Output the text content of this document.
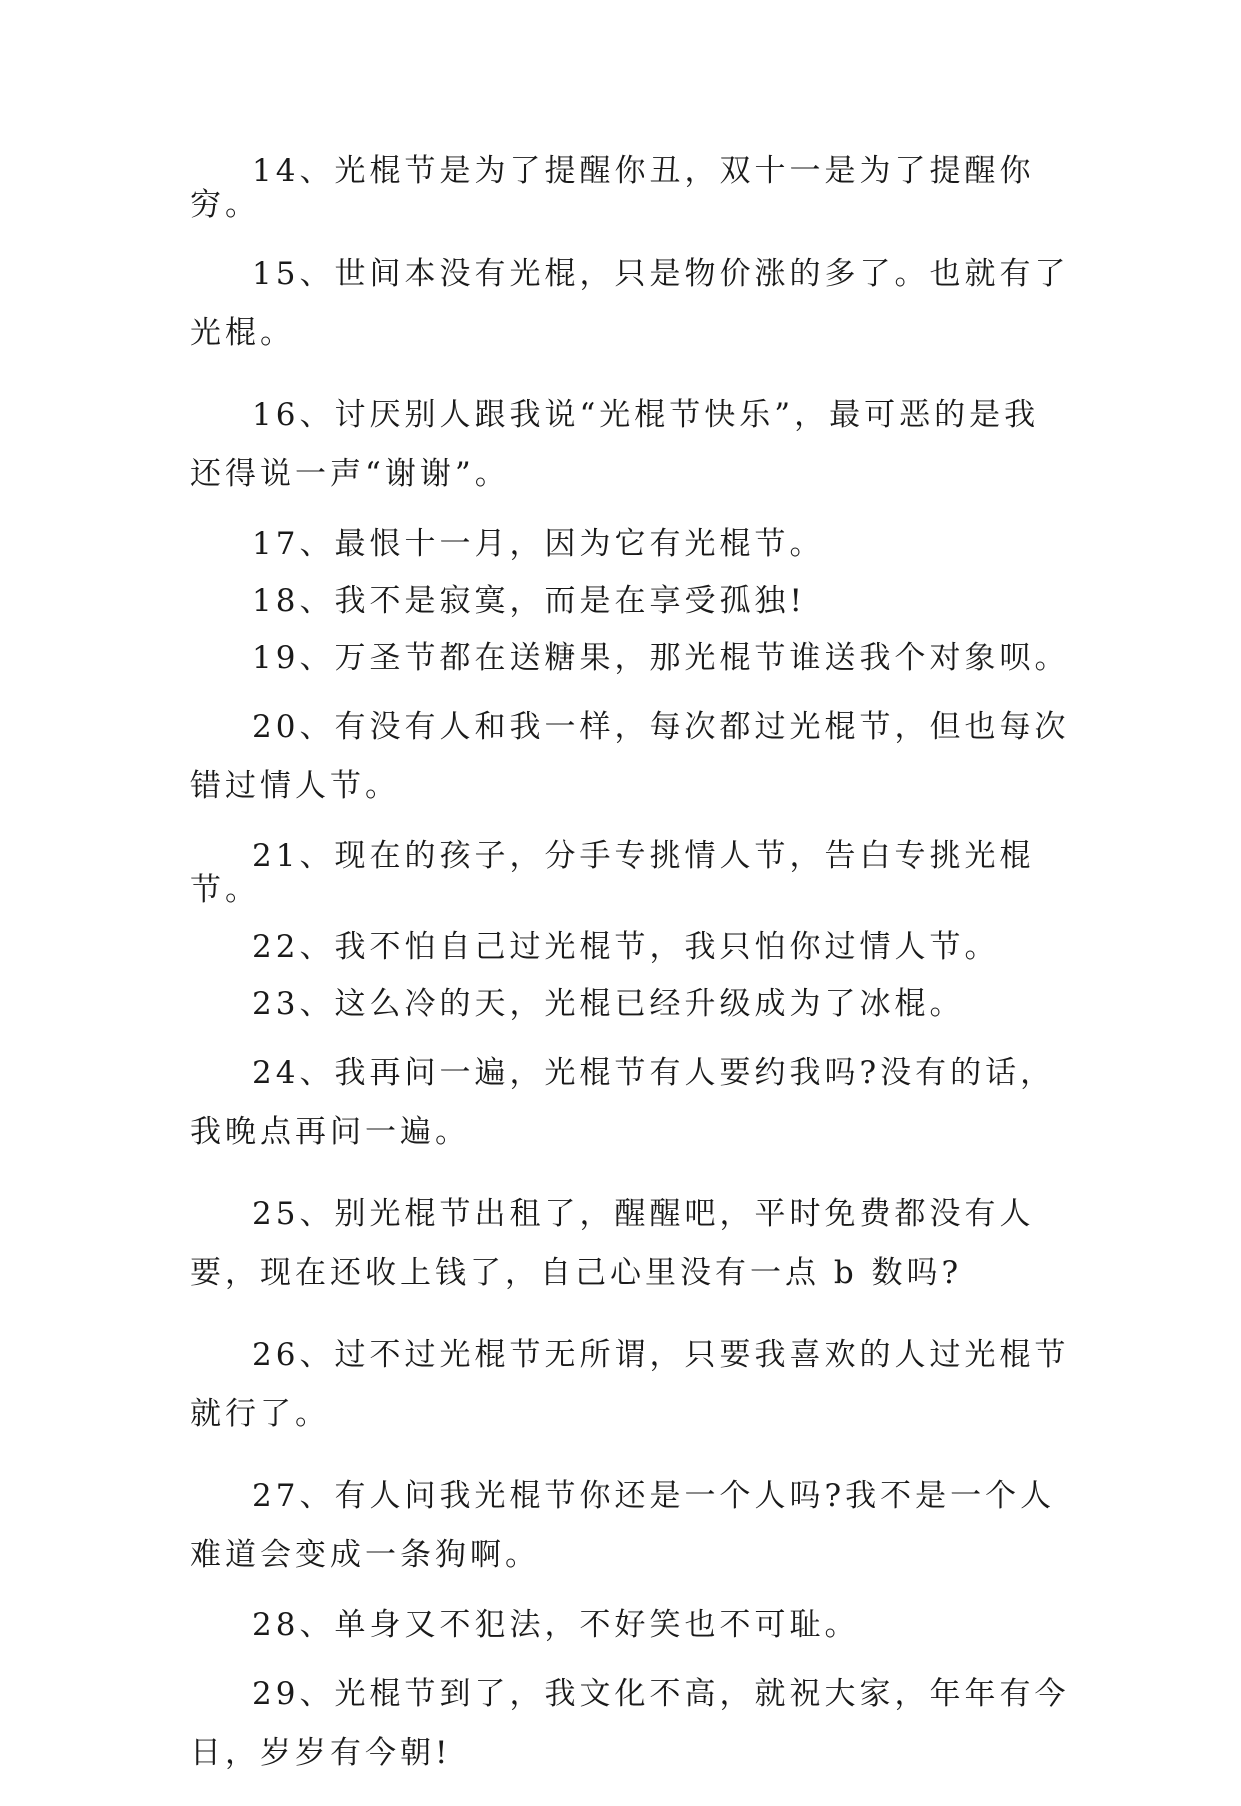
14、光棍节是为了提醒你丑，双十一是为了提醒你穷。

15、世间本没有光棍，只是物价涨的多了。也就有了光棍。

16、讨厌别人跟我说“光棍节快乐”，最可恶的是我还得说一声“谢谢”。

17、最恨十一月，因为它有光棍节。

18、我不是寂寞，而是在享受孤独!

19、万圣节都在送糖果，那光棍节谁送我个对象呗。

20、有没有人和我一样，每次都过光棍节，但也每次错过情人节。

21、现在的孩子，分手专挑情人节，告白专挑光棍节。

22、我不怕自己过光棍节，我只怕你过情人节。

23、这么冷的天，光棍已经升级成为了冰棍。

24、我再问一遍，光棍节有人要约我吗?没有的话，我晚点再问一遍。

25、别光棍节出租了，醒醒吧，平时免费都没有人要，现在还收上钱了，自己心里没有一点 b 数吗?

26、过不过光棍节无所谓，只要我喜欢的人过光棍节就行了。

27、有人问我光棍节你还是一个人吗?我不是一个人难道会变成一条狗啊。

28、单身又不犯法，不好笑也不可耻。

29、光棍节到了，我文化不高，就祝大家，年年有今日，岁岁有今朝!
